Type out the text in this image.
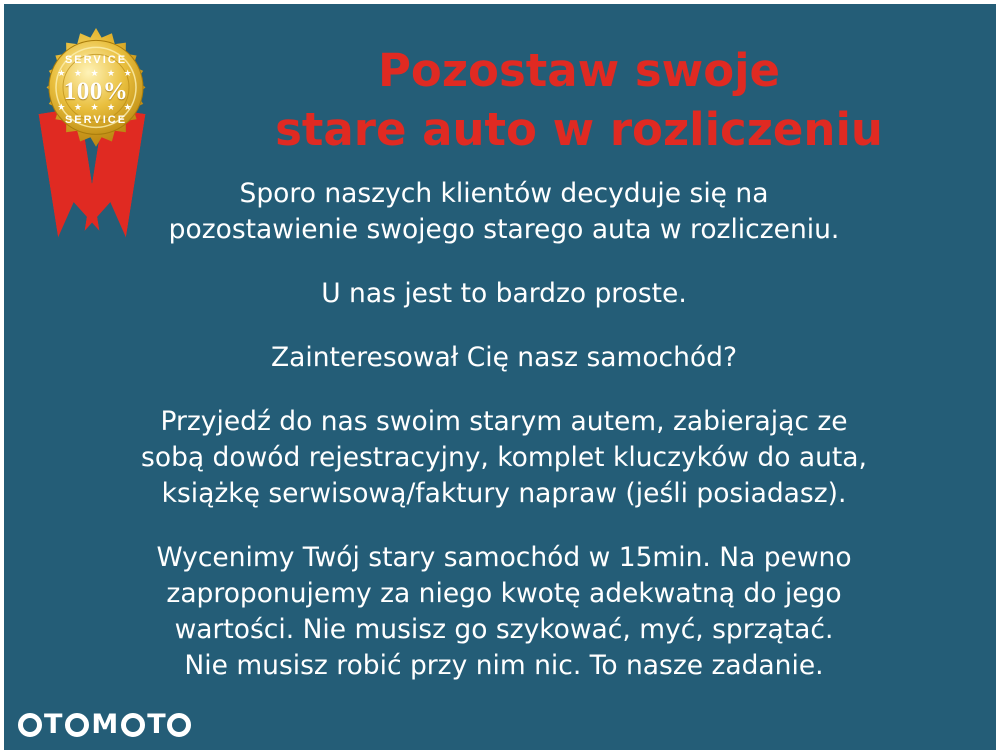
SERVICE
★ ★ ★ ★ ★
100%
★ ★ ★ ★ ★
SERVICE
Pozostaw swoje
stare auto w rozliczeniu

Sporo naszych klientów decyduje się na
pozostawienie swojego starego auta w rozliczeniu.

U nas jest to bardzo proste.

Zainteresował Cię nasz samochód?

Przyjedź do nas swoim starym autem, zabierając ze
sobą dowód rejestracyjny, komplet kluczyków do auta,
książkę serwisową/faktury napraw (jeśli posiadasz).

Wycenimy Twój stary samochód w 15min. Na pewno
zaproponujemy za niego kwotę adekwatną do jego
wartości. Nie musisz go szykować, myć, sprzątać.
Nie musisz robić przy nim nic. To nasze zadanie.

T M T
